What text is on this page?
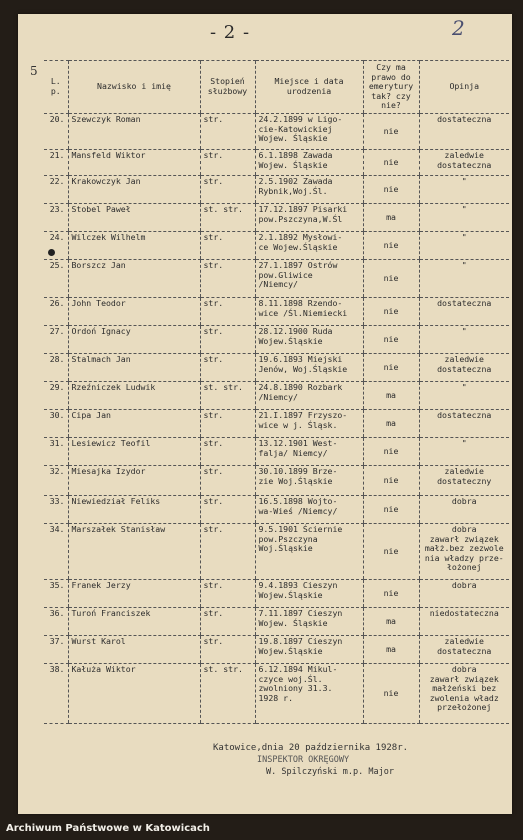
- 2 -	2
5
L. p.	Nazwisko i imię	Stopień służbowy	Miejsce i data urodzenia	Czy ma prawo do emerytury tak? czy nie?	Opinja
20.	Szewczyk Roman	str.	24.2.1899 w Ligo-
cie-Katowickiej
Wojew. Śląskie	nie	dostateczna
21.	Mansfeld Wiktor	str.	6.1.1898 Zawada
Wojew. Śląskie	nie	zaledwie
dostateczna
22.	Krakowczyk Jan	str.	2.5.1902 Zawada
Rybnik,Woj.Śl.	nie	"
23.	Stobel Paweł	st. str.	17.12.1897 Pisarki
pow.Pszczyna,W.Śl	ma	"
24.	Wilczek Wilhelm	str.	2.1.1892 Mysłowi-
ce Wojew.Śląskie	nie	"
25.	Borszcz Jan	str.	27.1.1897 Ostrów
pow.Gliwice
/Niemcy/	nie	"
26.	John Teodor	str.	8.11.1898 Rzendo-
wice /Śl.Niemiecki	nie	dostateczna
27.	Ordoń Ignacy	str.	28.12.1900 Ruda
Wojew.Śląskie	nie	"
28.	Stalmach Jan	str.	19.6.1893 Miejski
Jenów, Woj.Śląskie	nie	zaledwie
dostateczna
29.	Rzeźniczek Ludwik	st. str.	24.8.1890 Rozbark
/Niemcy/	ma	"
30.	Cipa Jan	str.	21.I.1897 Frzyszo-
wice w j. Śląsk.	ma	dostateczna
31.	Lesiewicz Teofil	str.	13.12.1901 West-
falja/ Niemcy/	nie	"
32.	Miesajka Izydor	str.	30.10.1899 Brze-
zie Woj.Śląskie	nie	zaledwie
dostateczny
33.	Niewiedział Feliks	str.	16.5.1898 Wojto-
wa-Wieś /Niemcy/	nie	dobra
34.	Marszałek Stanisław	str.	9.5.1901 Ściernie
pow.Pszczyna
Woj.Śląskie	nie	dobra
zawarł związek
małż.bez zezwole
nia władzy prze-
łożonej
35.	Franek Jerzy	str.	9.4.1893 Cieszyn
Wojew.Śląskie	nie	dobra
36.	Turoń Franciszek	str.	7.11.1897 Cieszyn
Wojew. Śląskie	ma	niedostateczna
37.	Wurst Karol	str.	19.8.1897 Cieszyn
Wojew.Śląskie	ma	zaledwie
dostateczna
38.	Kałuża Wiktor	st. str.	6.12.1894 Mikul-
czyce woj.Śl.
zwolniony 31.3.
1928 r.	nie	dobra
zawarł związek
małżeński bez
zwolenia władz
przełożonej
Katowice,dnia 20 października 1928r.
INSPEKTOR OKRĘGOWY
W. Spilczyński m.p. Major
Archiwum Państwowe w Katowicach
